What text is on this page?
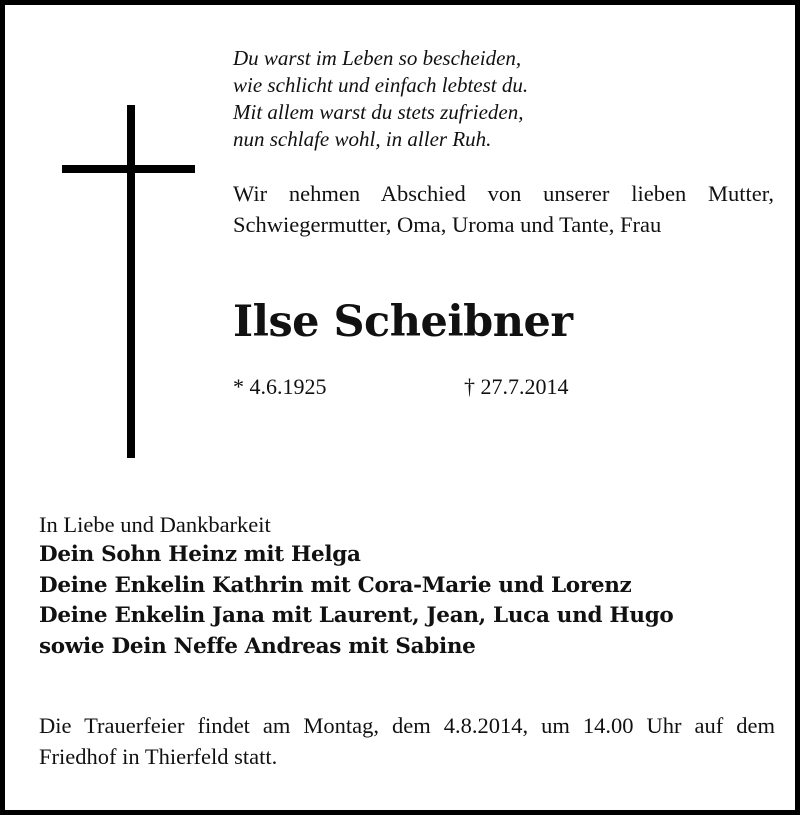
Du warst im Leben so bescheiden,
wie schlicht und einfach lebtest du.
Mit allem warst du stets zufrieden,
nun schlafe wohl, in aller Ruh.
Wir nehmen Abschied von unserer lieben Mutter, Schwiegermutter, Oma, Uroma und Tante, Frau
Ilse Scheibner
* 4.6.1925	† 27.7.2014
In Liebe und Dankbarkeit
Dein Sohn Heinz mit Helga
Deine Enkelin Kathrin mit Cora-Marie und Lorenz
Deine Enkelin Jana mit Laurent, Jean, Luca und Hugo
sowie Dein Neffe Andreas mit Sabine
Die Trauerfeier findet am Montag, dem 4.8.2014, um 14.00 Uhr auf dem Friedhof in Thierfeld statt.
